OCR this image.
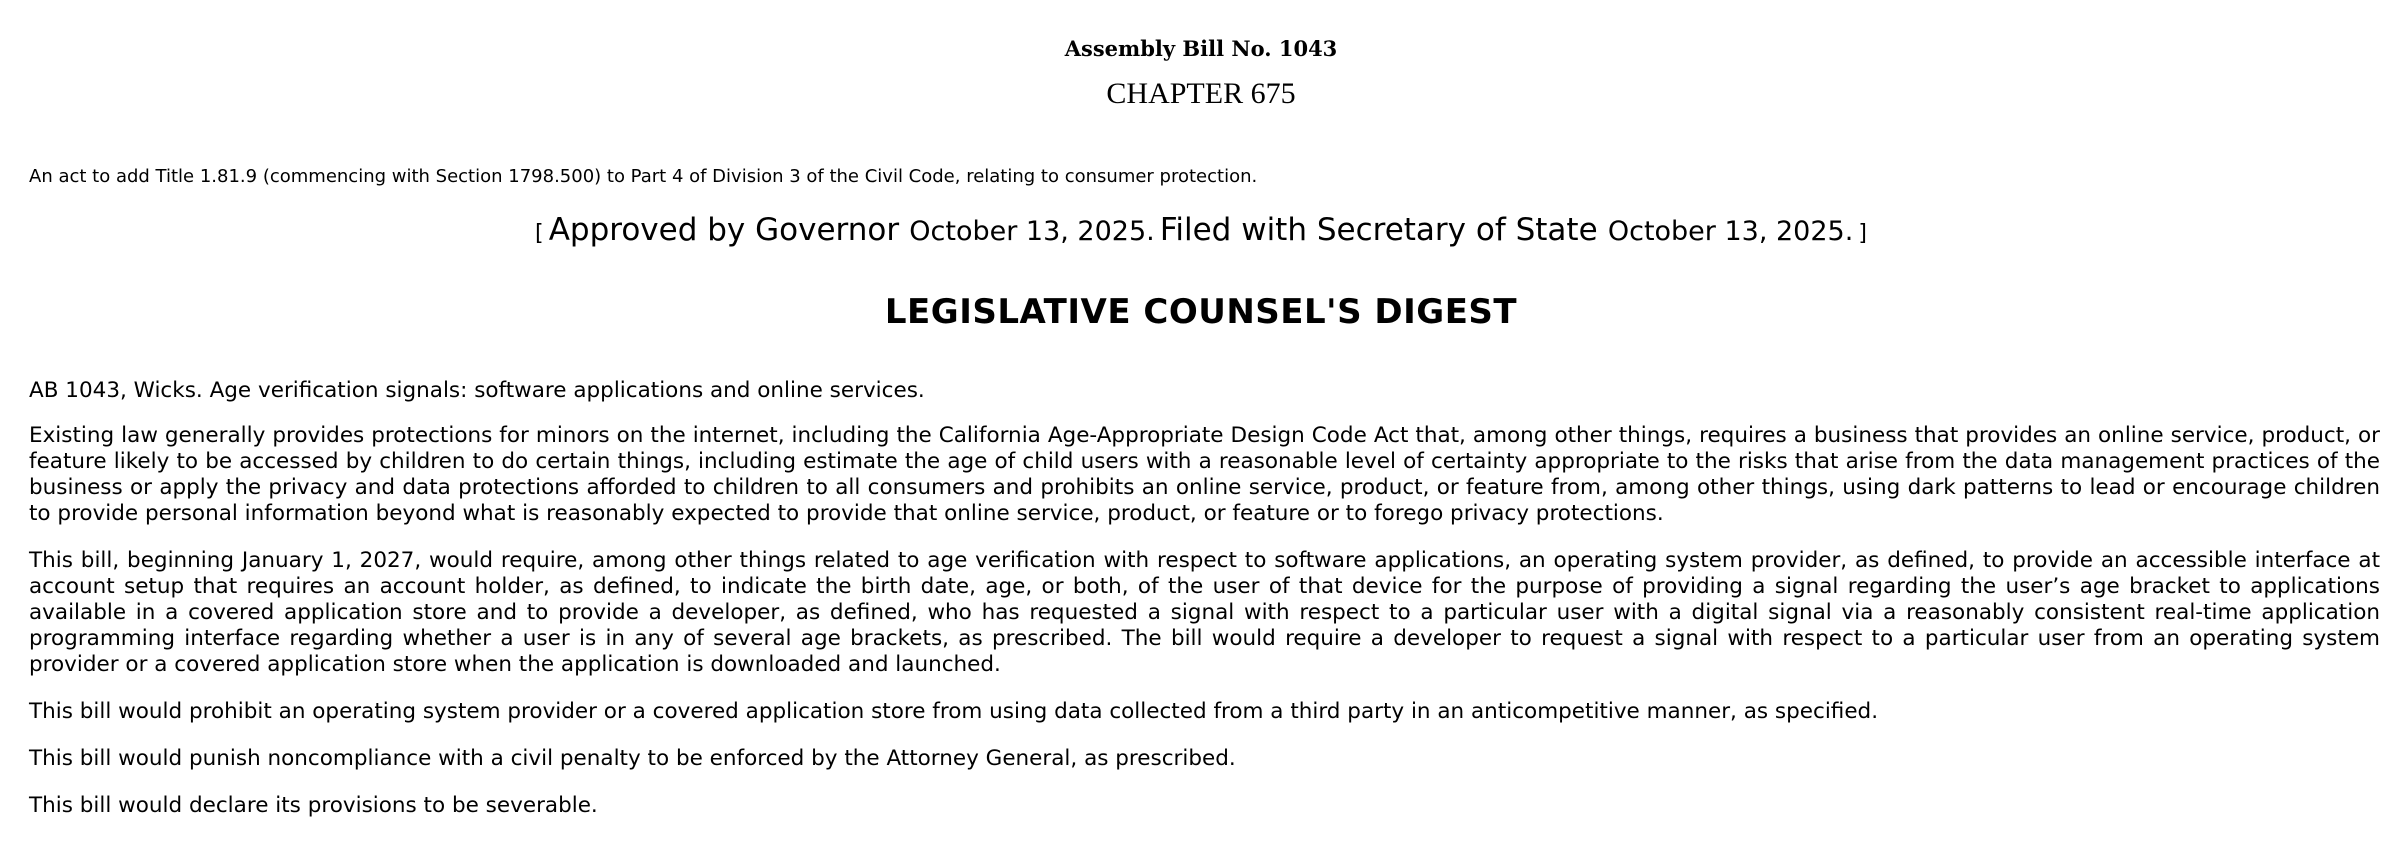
Assembly Bill No. 1043
CHAPTER 675
An act to add Title 1.81.9 (commencing with Section 1798.500) to Part 4 of Division 3 of the Civil Code, relating to consumer protection.
[ Approved by Governor October 13, 2025. Filed with Secretary of State October 13, 2025. ]
LEGISLATIVE COUNSEL'S DIGEST

AB 1043, Wicks. Age verification signals: software applications and online services.

Existing law generally provides protections for minors on the internet, including the California Age-Appropriate Design Code Act that, among other things, requires a business that provides an online service, product, or feature likely to be accessed by children to do certain things, including estimate the age of child users with a reasonable level of certainty appropriate to the risks that arise from the data management practices of the business or apply the privacy and data protections afforded to children to all consumers and prohibits an online service, product, or feature from, among other things, using dark patterns to lead or encourage children to provide personal information beyond what is reasonably expected to provide that online service, product, or feature or to forego privacy protections.

This bill, beginning January 1, 2027, would require, among other things related to age verification with respect to software applications, an operating system provider, as defined, to provide an accessible interface at account setup that requires an account holder, as defined, to indicate the birth date, age, or both, of the user of that device for the purpose of providing a signal regarding the user’s age bracket to applications available in a covered application store and to provide a developer, as defined, who has requested a signal with respect to a particular user with a digital signal via a reasonably consistent real-time application programming interface regarding whether a user is in any of several age brackets, as prescribed. The bill would require a developer to request a signal with respect to a particular user from an operating system provider or a covered application store when the application is downloaded and launched.

This bill would prohibit an operating system provider or a covered application store from using data collected from a third party in an anticompetitive manner, as specified.

This bill would punish noncompliance with a civil penalty to be enforced by the Attorney General, as prescribed.

This bill would declare its provisions to be severable.
